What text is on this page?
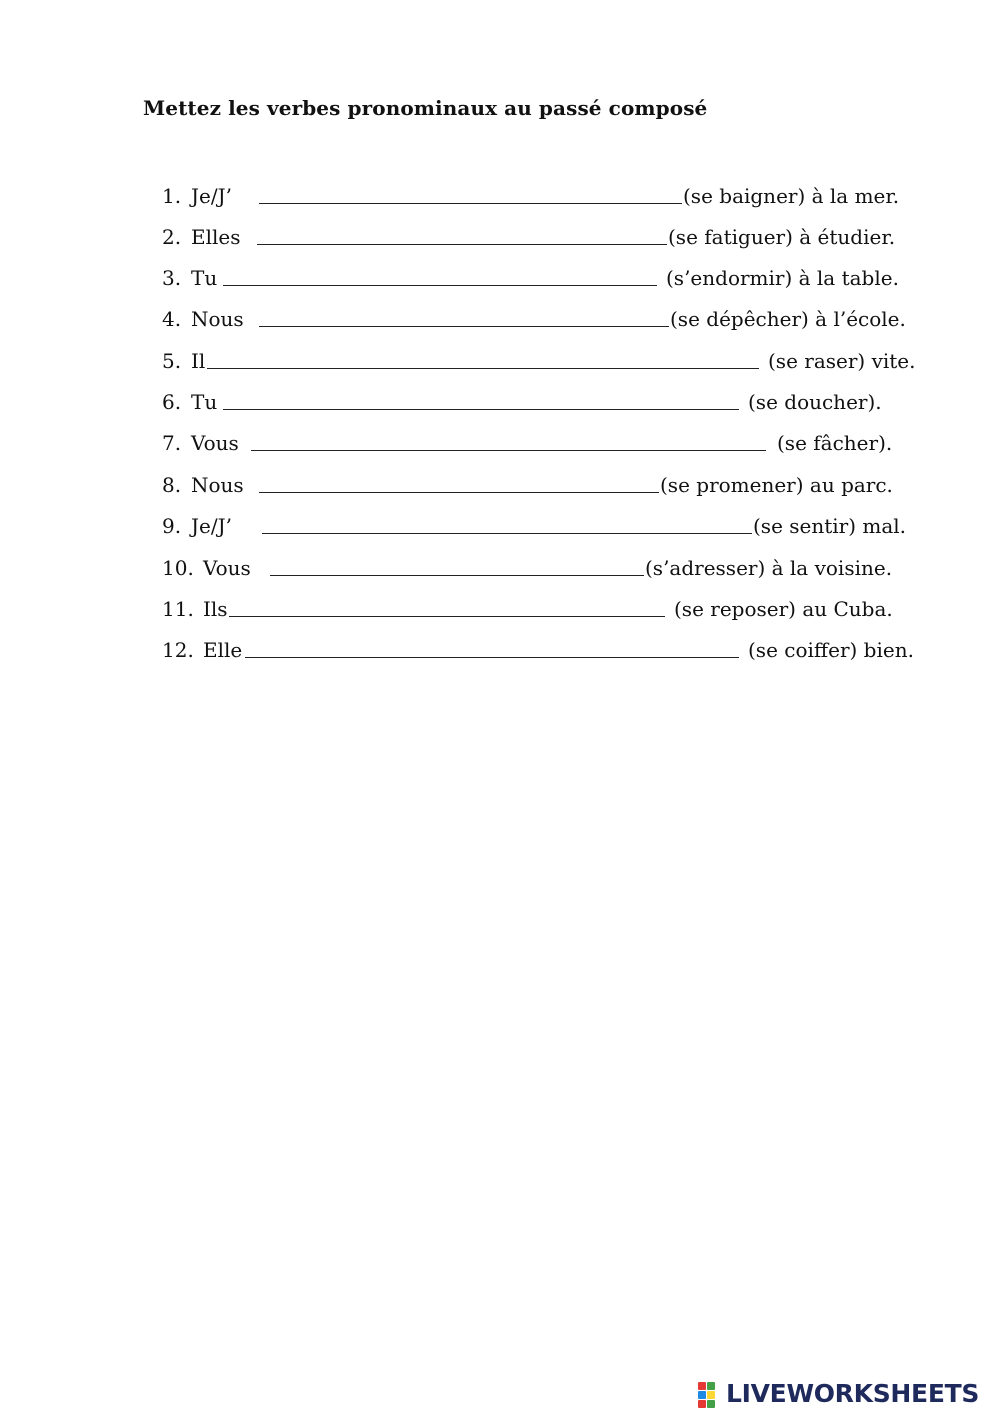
Mettez les verbes pronominaux au passé composé
1. Je/J’	(se baigner) à la mer.
2. Elles	(se fatiguer) à étudier.
3. Tu	(s’endormir) à la table.
4. Nous	(se dépêcher) à l’école.
5. Il	(se raser) vite.
6. Tu	(se doucher).
7. Vous	(se fâcher).
8. Nous	(se promener) au parc.
9. Je/J’	(se sentir) mal.
10. Vous	(s’adresser) à la voisine.
11. Ils	(se reposer) au Cuba.
12. Elle	(se coiffer) bien.
LIVEWORKSHEETS
